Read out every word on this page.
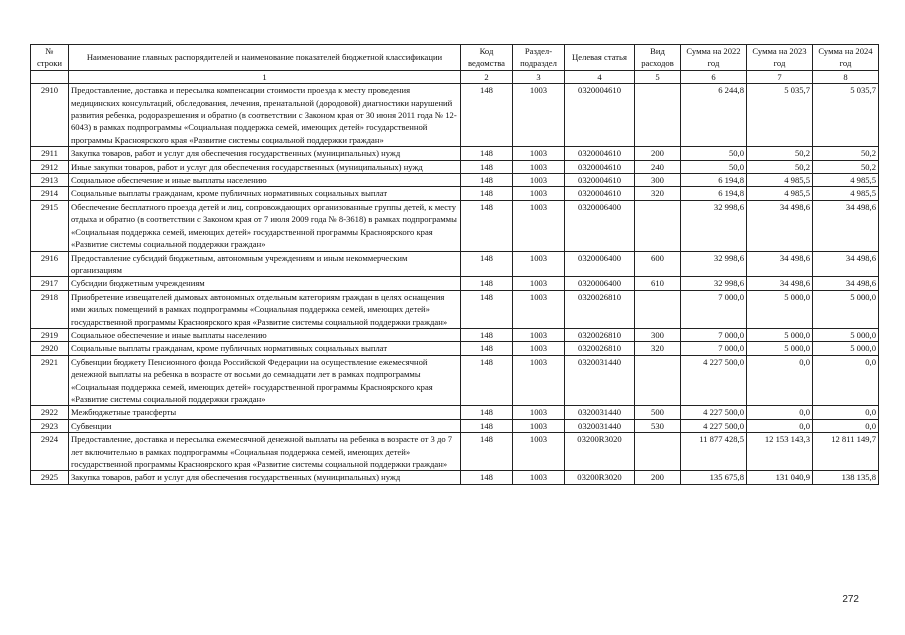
№ строки	Наименование главных распорядителей и наименование показателей бюджетной классификации	Код ведомства	Раздел-подраздел	Целевая статья	Вид расходов	Сумма на 2022 год	Сумма на 2023 год	Сумма на 2024 год
	1	2	3	4	5	6	7	8
2910	Предоставление, доставка и пересылка компенсации стоимости проезда к месту проведения медицинских консультаций, обследования, лечения, пренатальной (дородовой) диагностики нарушений развития ребенка, родоразрешения и обратно (в соответствии с Законом края от 30 июня 2011 года № 12-6043) в рамках подпрограммы «Социальная поддержка семей, имеющих детей» государственной программы Красноярского края «Развитие системы социальной поддержки граждан»	148	1003	0320004610		6 244,8	5 035,7	5 035,7
2911	Закупка товаров, работ и услуг для обеспечения государственных (муниципальных) нужд	148	1003	0320004610	200	50,0	50,2	50,2
2912	Иные закупки товаров, работ и услуг для обеспечения государственных (муниципальных) нужд	148	1003	0320004610	240	50,0	50,2	50,2
2913	Социальное обеспечение и иные выплаты населению	148	1003	0320004610	300	6 194,8	4 985,5	4 985,5
2914	Социальные выплаты гражданам, кроме публичных нормативных социальных выплат	148	1003	0320004610	320	6 194,8	4 985,5	4 985,5
2915	Обеспечение бесплатного проезда детей и лиц, сопровождающих организованные группы детей, к месту отдыха и обратно (в соответствии с Законом края от 7 июля 2009 года № 8-3618) в рамках подпрограммы «Социальная поддержка семей, имеющих детей» государственной программы Красноярского края «Развитие системы социальной поддержки граждан»	148	1003	0320006400		32 998,6	34 498,6	34 498,6
2916	Предоставление субсидий бюджетным, автономным учреждениям и иным некоммерческим организациям	148	1003	0320006400	600	32 998,6	34 498,6	34 498,6
2917	Субсидии бюджетным учреждениям	148	1003	0320006400	610	32 998,6	34 498,6	34 498,6
2918	Приобретение извещателей дымовых автономных отдельным категориям граждан в целях оснащения ими жилых помещений в рамках подпрограммы «Социальная поддержка семей, имеющих детей» государственной программы Красноярского края «Развитие системы социальной поддержки граждан»	148	1003	0320026810		7 000,0	5 000,0	5 000,0
2919	Социальное обеспечение и иные выплаты населению	148	1003	0320026810	300	7 000,0	5 000,0	5 000,0
2920	Социальные выплаты гражданам, кроме публичных нормативных социальных выплат	148	1003	0320026810	320	7 000,0	5 000,0	5 000,0
2921	Субвенции бюджету Пенсионного фонда Российской Федерации на осуществление ежемесячной денежной выплаты на ребенка в возрасте от восьми до семнадцати лет в рамках подпрограммы «Социальная поддержка семей, имеющих детей» государственной программы Красноярского края «Развитие системы социальной поддержки граждан»	148	1003	0320031440		4 227 500,0	0,0	0,0
2922	Межбюджетные трансферты	148	1003	0320031440	500	4 227 500,0	0,0	0,0
2923	Субвенции	148	1003	0320031440	530	4 227 500,0	0,0	0,0
2924	Предоставление, доставка и пересылка ежемесячной денежной выплаты на ребенка в возрасте от 3 до 7 лет включительно в рамках подпрограммы «Социальная поддержка семей, имеющих детей» государственной программы Красноярского края «Развитие системы социальной поддержки граждан»	148	1003	03200R3020		11 877 428,5	12 153 143,3	12 811 149,7
2925	Закупка товаров, работ и услуг для обеспечения государственных (муниципальных) нужд	148	1003	03200R3020	200	135 675,8	131 040,9	138 135,8
272
